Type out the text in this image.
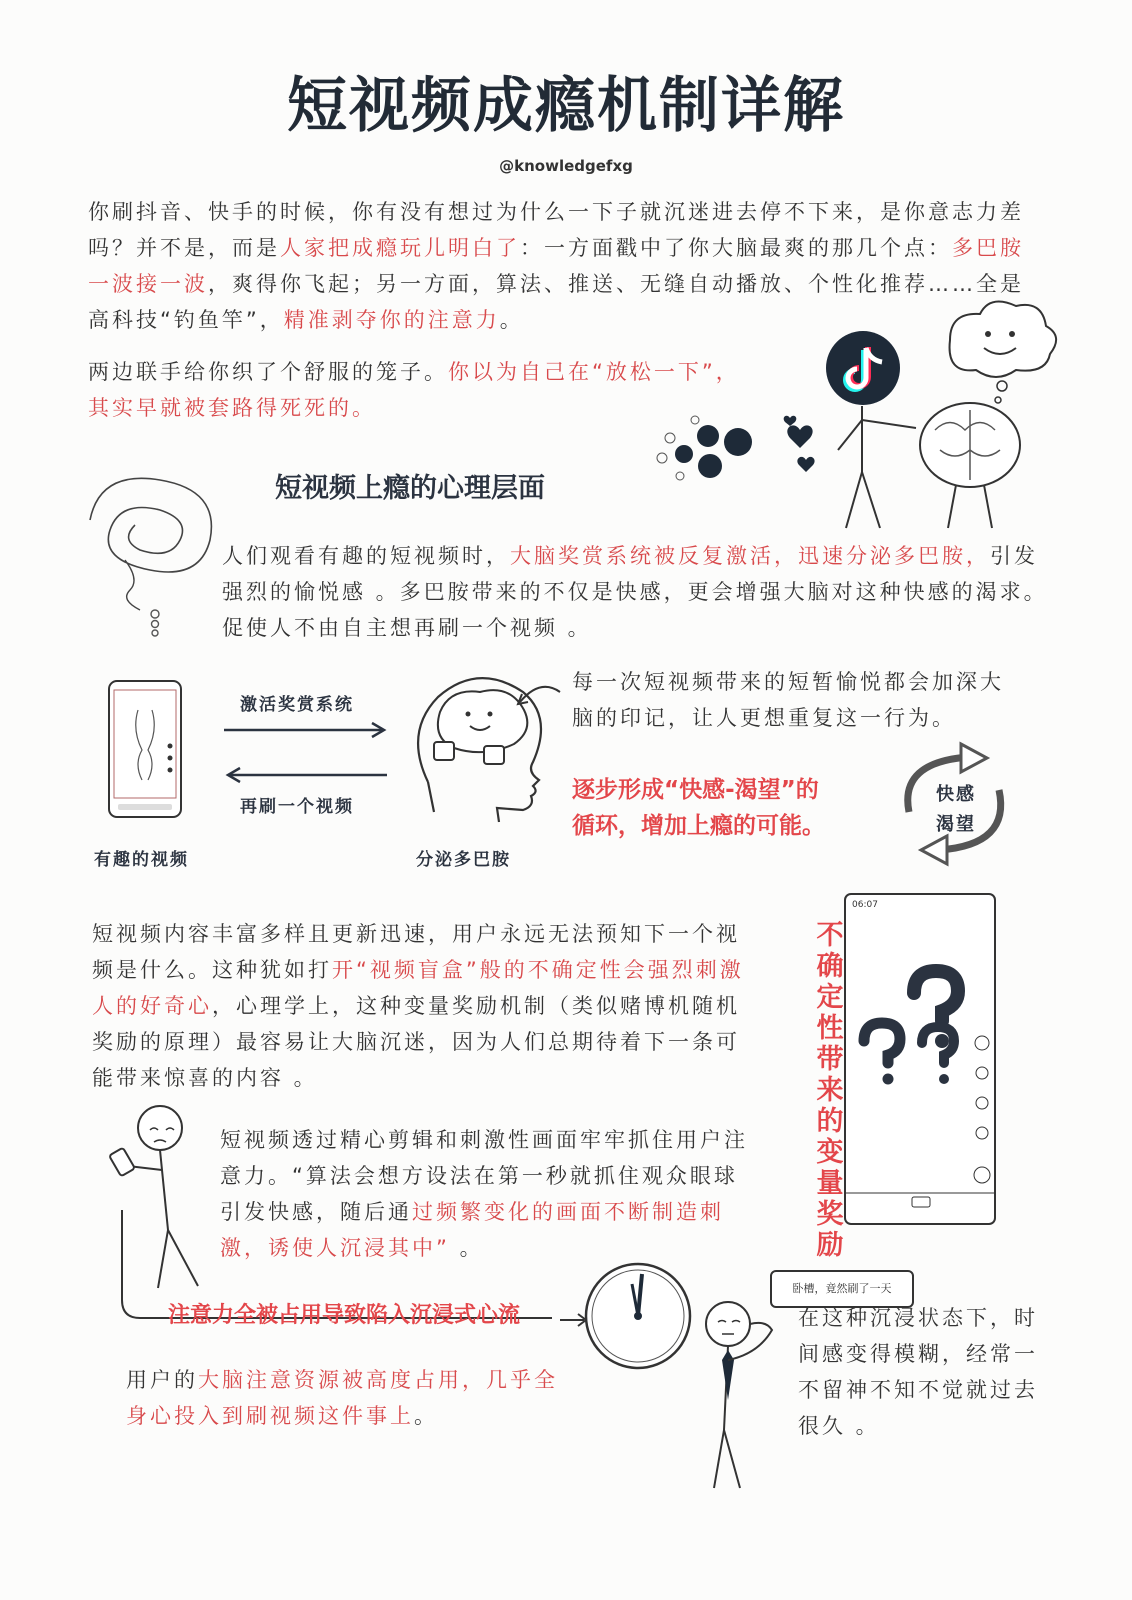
短视频成瘾机制详解
@knowledgefxg
你刷抖音、快手的时候，你有没有想过为什么一下子就沉迷进去停不下来，是你意志力差吗？并不是，而是人家把成瘾玩儿明白了：一方面戳中了你大脑最爽的那几个点：多巴胺一波接一波，爽得你飞起；另一方面，算法、推送、无缝自动播放、个性化推荐……全是高科技“钓鱼竿”，精准剥夺你的注意力。
两边联手给你织了个舒服的笼子。你以为自己在“放松一下”，
其实早就被套路得死死的。
短视频上瘾的心理层面
人们观看有趣的短视频时，大脑奖赏系统被反复激活，迅速分泌多巴胺，引发强烈的愉悦感 。多巴胺带来的不仅是快感，更会增强大脑对这种快感的渴求。促使人不由自主想再刷一个视频 。
有趣的视频
激活奖赏系统
再刷一个视频
分泌多巴胺
每一次短视频带来的短暂愉悦都会加深大脑的印记，让人更想重复这一行为。
逐步形成“快感-渴望”的
循环，增加上瘾的可能。
快感
渴望
短视频内容丰富多样且更新迅速，用户永远无法预知下一个视频是什么。这种犹如打开“视频盲盒”般的不确定性会强烈刺激人的好奇心，心理学上，这种变量奖励机制（类似赌博机随机奖励的原理）最容易让大脑沉迷，因为人们总期待着下一条可能带来惊喜的内容 。
不确定性带来的变量奖励
06:07
短视频透过精心剪辑和刺激性画面牢牢抓住用户注意力。“算法会想方设法在第一秒就抓住观众眼球引发快感，随后通过频繁变化的画面不断制造刺激，诱使人沉浸其中” 。
注意力全被占用导致陷入沉浸式心流
卧槽，竟然刷了一天
在这种沉浸状态下，时间感变得模糊，经常一不留神不知不觉就过去很久 。
用户的大脑注意资源被高度占用，几乎全身心投入到刷视频这件事上。
